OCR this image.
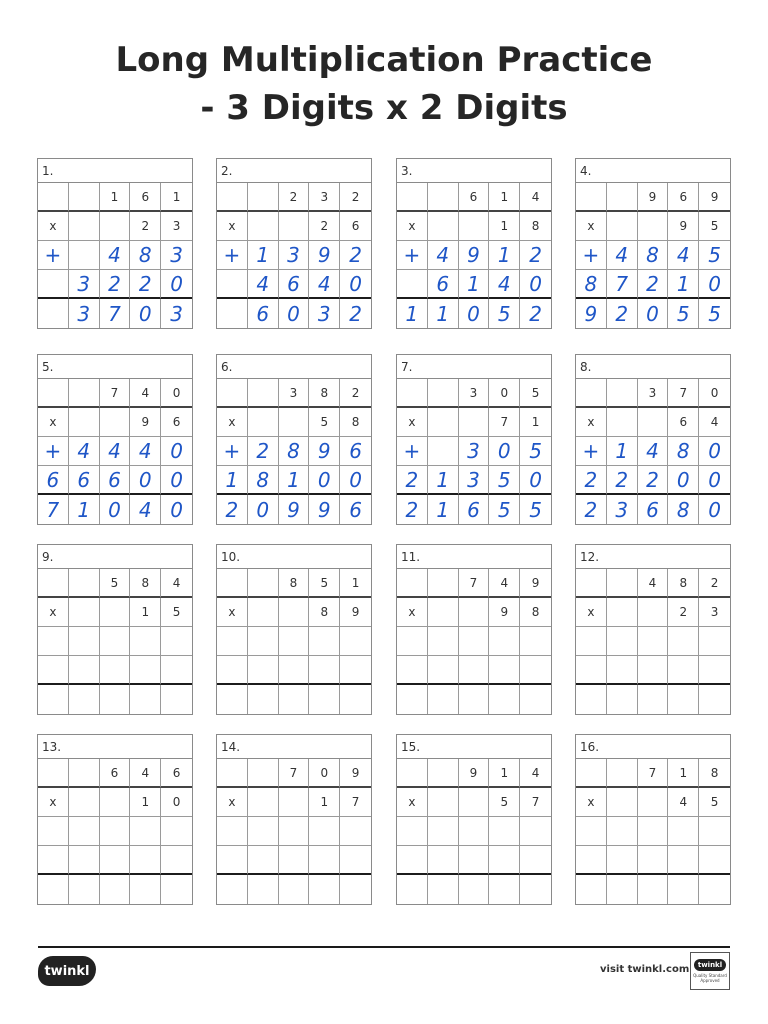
Long Multiplication Practice
- 3 Digits x 2 Digits
1.
1 6 1
x	2 3
+ 4 8 3
3 2 2 0
3 7 0 3
2.
2 3 2
x	2 6
+ 1 3 9 2
4 6 4 0
6 0 3 2
3.
6 1 4
x	1 8
+ 4 9 1 2
6 1 4 0
1 1 0 5 2
4.
9 6 9
x	9 5
+ 4 8 4 5
8 7 2 1 0
9 2 0 5 5
5.
7 4 0
x	9 6
+ 4 4 4 0
6 6 6 0 0
7 1 0 4 0
6.
3 8 2
x	5 8
+ 2 8 9 6
1 8 1 0 0
2 0 9 9 6
7.
3 0 5
x	7 1
+ 3 0 5
2 1 3 5 0
2 1 6 5 5
8.
3 7 0
x	6 4
+ 1 4 8 0
2 2 2 0 0
2 3 6 8 0
9.
5 8 4
x	1 5
10.
8 5 1
x	8 9
11.
7 4 9
x	9 8
12.
4 8 2
x	2 3
13.
6 4 6
x	1 0
14.
7 0 9
x	1 7
15.
9 1 4
x	5 7
16.
7 1 8
x	4 5
twinkl	visit twinkl.com	twinkl
Quality Standard Approved
